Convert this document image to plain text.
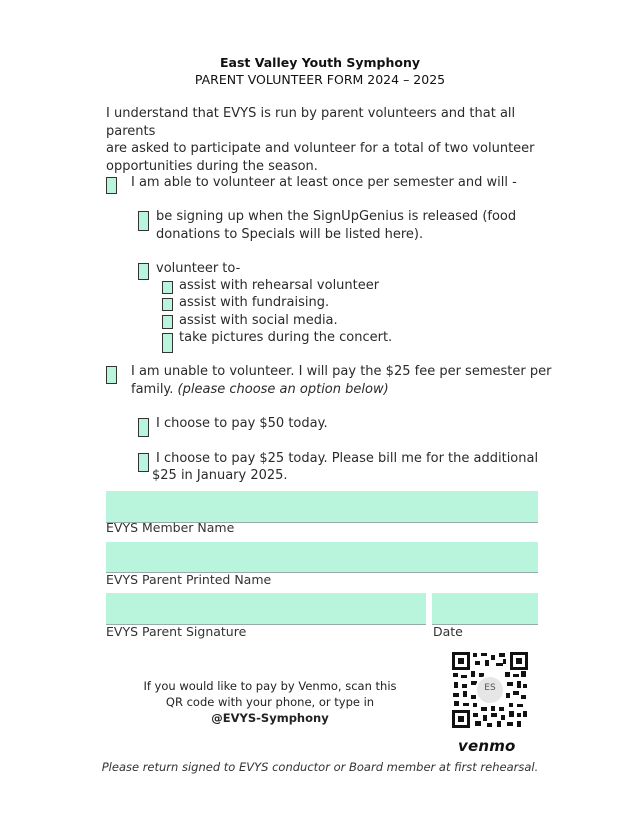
East Valley Youth Symphony
PARENT VOLUNTEER FORM 2024 – 2025
I understand that EVYS is run by parent volunteers and that all parents
are asked to participate and volunteer for a total of two volunteer
opportunities during the season.
I am able to volunteer at least once per semester and will -
be signing up when the SignUpGenius is released (food
donations to Specials will be listed here).
volunteer to-
assist with rehearsal volunteer
assist with fundraising.
assist with social media.
take pictures during the concert.
I am unable to volunteer. I will pay the $25 fee per semester per
family. (please choose an option below)
I choose to pay $50 today.
I choose to pay $25 today. Please bill me for the additional
$25 in January 2025.
EVYS Member Name
EVYS Parent Printed Name
EVYS Parent Signature	Date
If you would like to pay by Venmo, scan this
QR code with your phone, or type in
@EVYS-Symphony
ES
venmo
Please return signed to EVYS conductor or Board member at first rehearsal.
